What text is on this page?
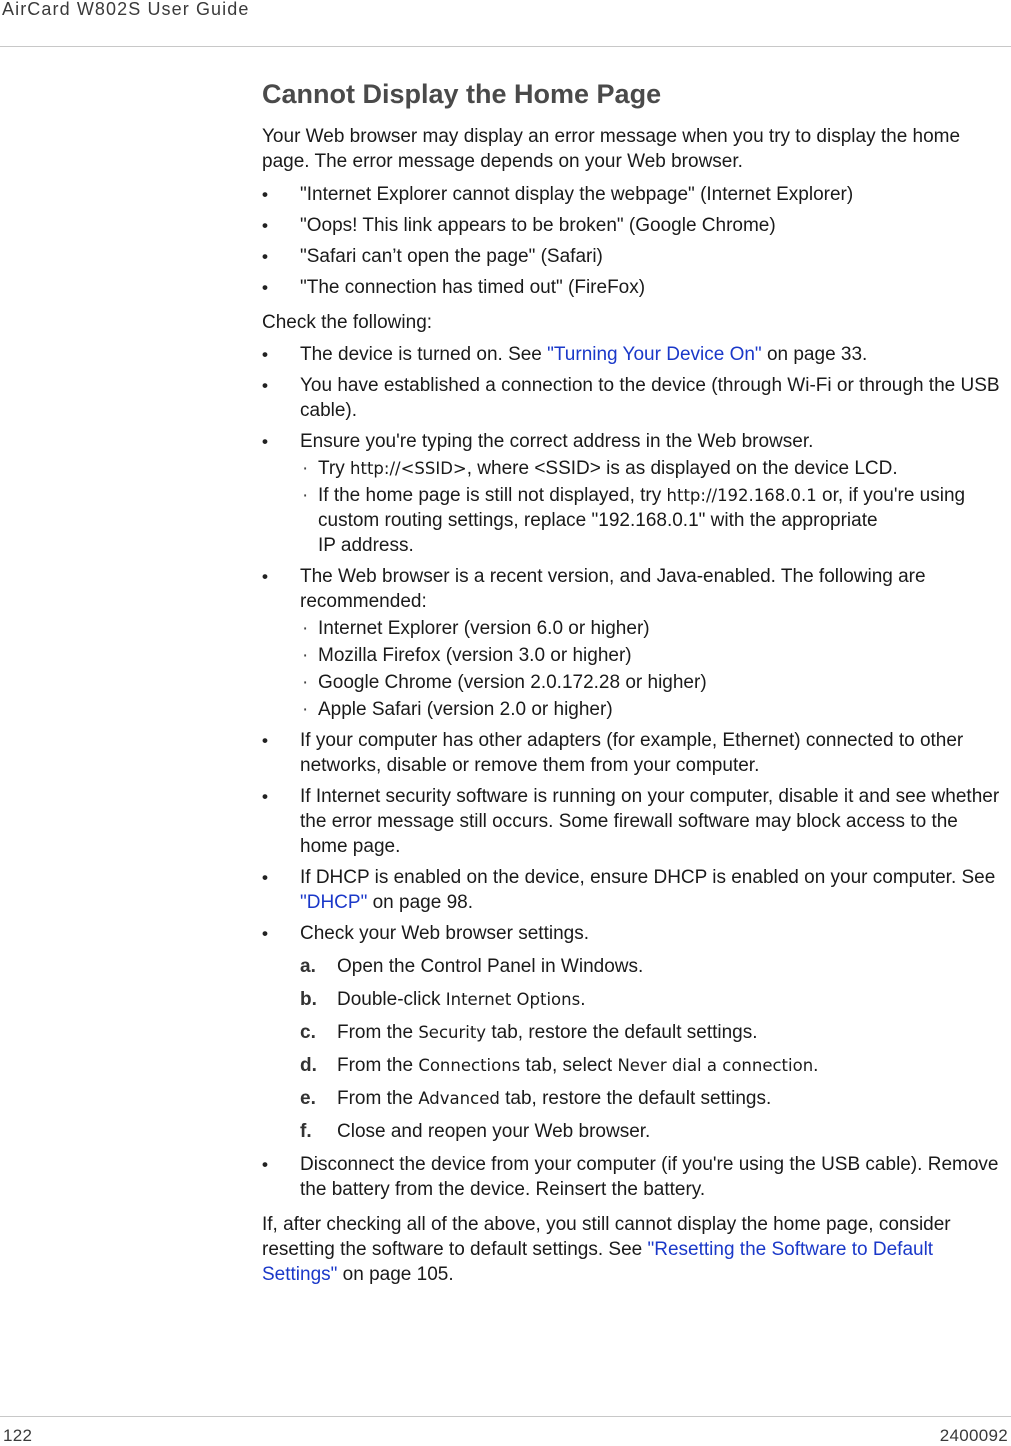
AirCard W802S User Guide
Cannot Display the Home Page

Your Web browser may display an error message when you try to display the home page. The error message depends on your Web browser.

• "Internet Explorer cannot display the webpage" (Internet Explorer)
• "Oops! This link appears to be broken" (Google Chrome)
• "Safari can’t open the page" (Safari)
• "The connection has timed out" (FireFox)

Check the following:

• The device is turned on. See "Turning Your Device On" on page 33.
• You have established a connection to the device (through Wi-Fi or through the USB cable).
• Ensure you're typing the correct address in the Web browser.
· Try http://<SSID>, where <SSID> is as displayed on the device LCD.
· If the home page is still not displayed, try http://192.168.0.1 or, if you're using custom routing settings, replace "192.168.0.1" with the appropriate
IP address.
• The Web browser is a recent version, and Java-enabled. The following are recommended:
· Internet Explorer (version 6.0 or higher)
· Mozilla Firefox (version 3.0 or higher)
· Google Chrome (version 2.0.172.28 or higher)
· Apple Safari (version 2.0 or higher)
• If your computer has other adapters (for example, Ethernet) connected to other networks, disable or remove them from your computer.
• If Internet security software is running on your computer, disable it and see whether the error message still occurs. Some firewall software may block access to the home page.
• If DHCP is enabled on the device, ensure DHCP is enabled on your computer. See "DHCP" on page 98.
• Check your Web browser settings.
a. Open the Control Panel in Windows.
b. Double-click Internet Options.
c. From the Security tab, restore the default settings.
d. From the Connections tab, select Never dial a connection.
e. From the Advanced tab, restore the default settings.
f. Close and reopen your Web browser.
• Disconnect the device from your computer (if you're using the USB cable). Remove the battery from the device. Reinsert the battery.

If, after checking all of the above, you still cannot display the home page, consider resetting the software to default settings. See "Resetting the Software to Default Settings" on page 105.

122	2400092
